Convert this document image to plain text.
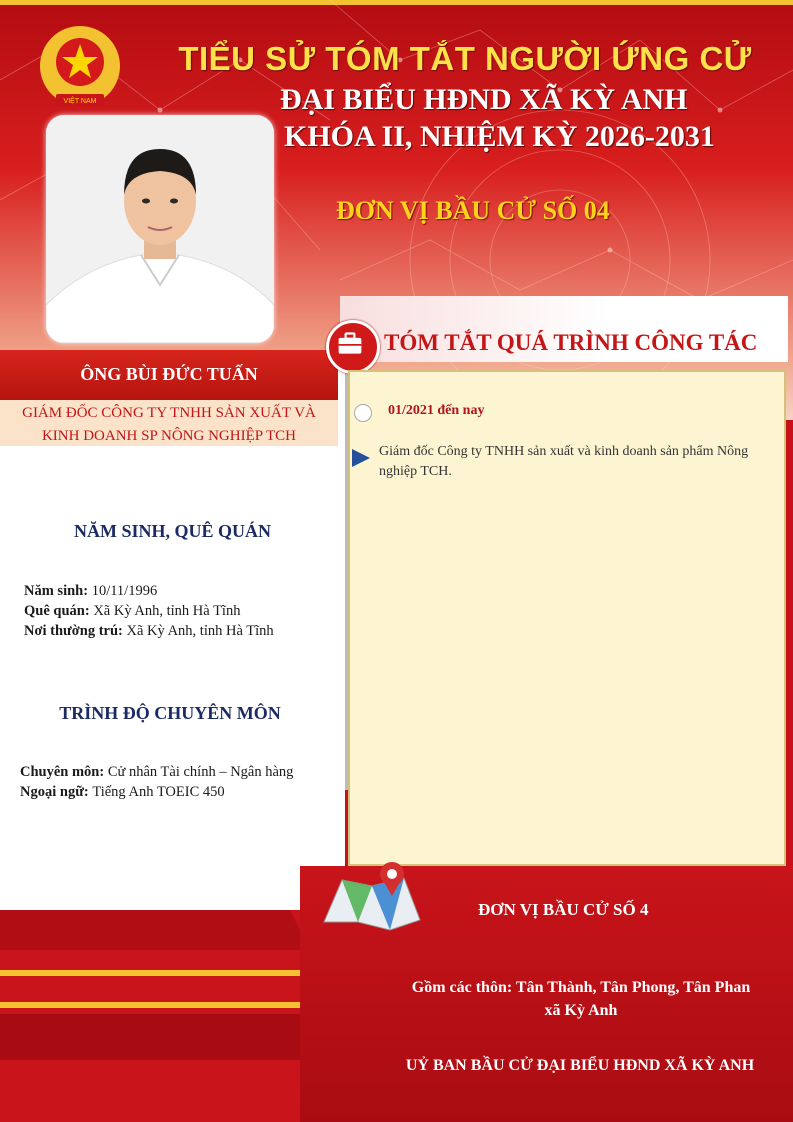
VIỆT NAM
TIỂU SỬ TÓM TẮT NGƯỜI ỨNG CỬ
ĐẠI BIỂU HĐND XÃ KỲ ANH
KHÓA II, NHIỆM KỲ 2026-2031
ĐƠN VỊ BẦU CỬ SỐ 04
ÔNG BÙI ĐỨC TUẤN
GIÁM ĐỐC CÔNG TY TNHH SẢN XUẤT VÀ
KINH DOANH SP NÔNG NGHIỆP TCH
NĂM SINH, QUÊ QUÁN
Năm sinh: 10/11/1996
Quê quán: Xã Kỳ Anh, tỉnh Hà Tĩnh
Nơi thường trú: Xã Kỳ Anh, tỉnh Hà Tĩnh
TRÌNH ĐỘ CHUYÊN MÔN
Chuyên môn: Cử nhân Tài chính – Ngân hàng
Ngoại ngữ: Tiếng Anh TOEIC 450
TÓM TẮT QUÁ TRÌNH CÔNG TÁC
01/2021 đến nay
Giám đốc Công ty TNHH sản xuất và kinh doanh sản phẩm Nông nghiệp TCH.
ĐƠN VỊ BẦU CỬ SỐ 4
Gồm các thôn: Tân Thành, Tân Phong, Tân Phan
xã Kỳ Anh
UỶ BAN BẦU CỬ ĐẠI BIỂU HĐND XÃ KỲ ANH
